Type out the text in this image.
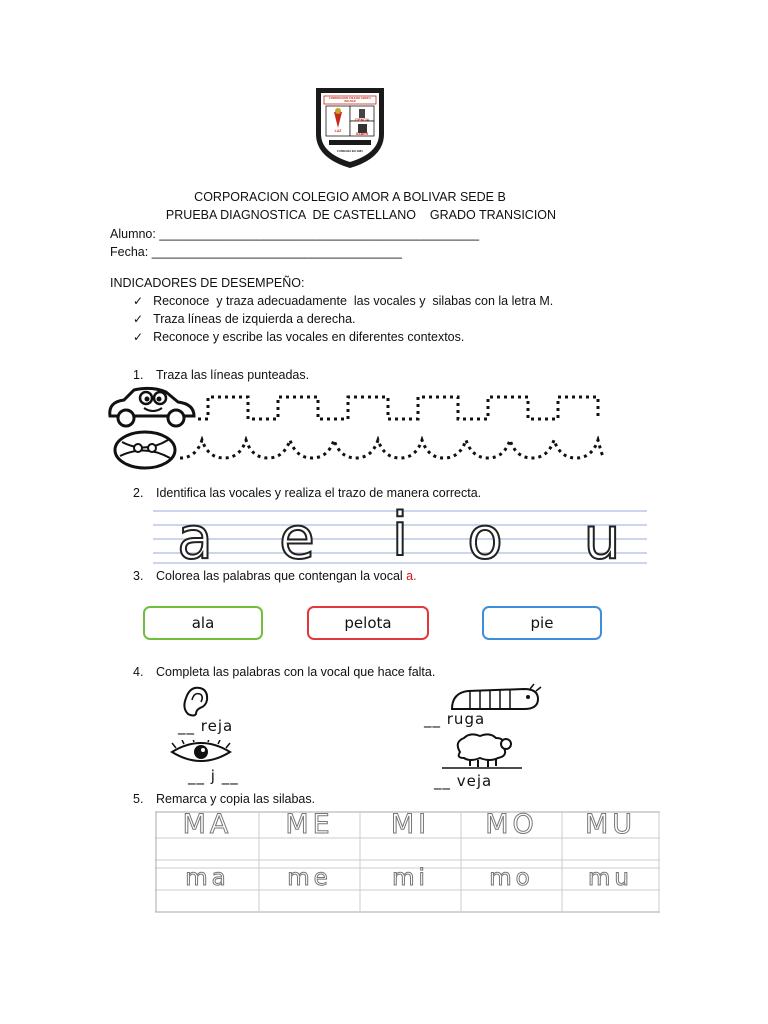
CORPORACION COLEGIO AMOR A BOLIVAR
LUZ
CIENCIA
SABER
FUNDADA EN 1984
CORPORACION COLEGIO AMOR A BOLIVAR SEDE B
PRUEBA DIAGNOSTICA  DE CASTELLANO    GRADO TRANSICION
Alumno: ______________________________________________
Fecha: ____________________________________
INDICADORES DE DESEMPEÑO:
✓ Reconoce  y traza adecuadamente  las vocales y  silabas con la letra M.
✓ Traza líneas de izquierda a derecha.
✓ Reconoce y escribe las vocales en diferentes contextos.
1. Traza las líneas punteadas.
2. Identifica las vocales y realiza el trazo de manera correcta.
a e	i	o	u
3. Colorea las palabras que contengan la vocal a.
ala	pelota	pie
4. Completa las palabras con la vocal que hace falta.
__ reja	__ ruga
__ j __	__ veja
5. Remarca y copia las silabas.
MA	ME	MI	MO	MU
ma	me	mi	mo	mu
